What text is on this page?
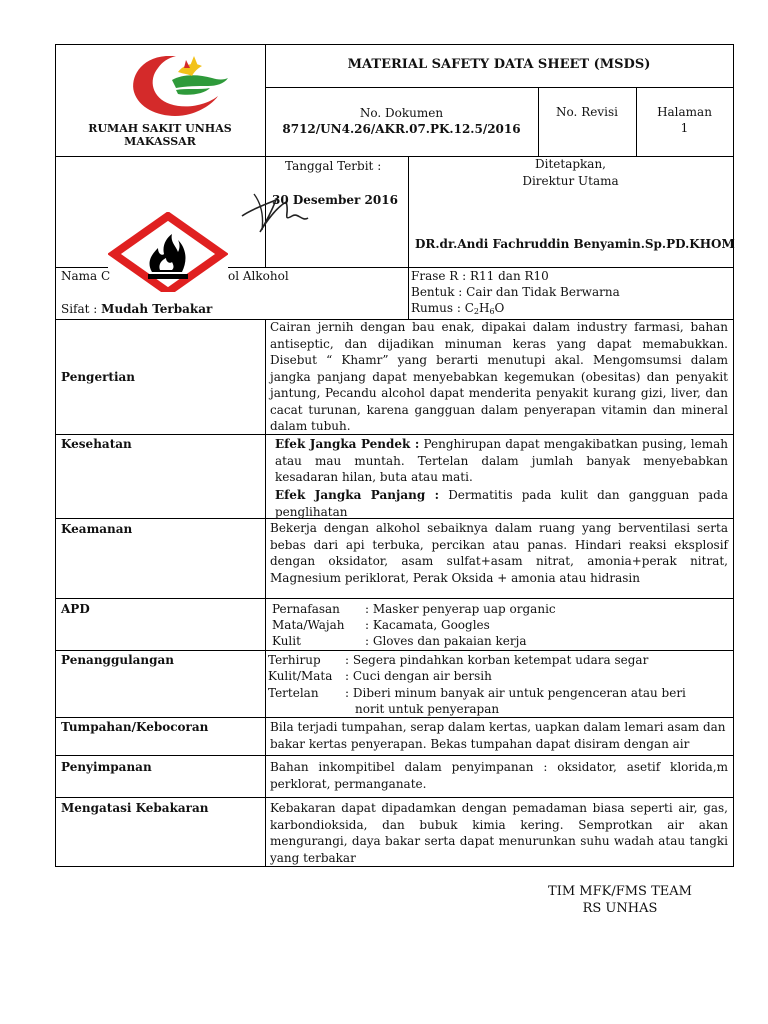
RUMAH SAKIT UNHAS
MAKASSAR
MATERIAL SAFETY DATA SHEET (MSDS)
No. Dokumen
8712/UN4.26/AKR.07.PK.12.5/2016
No. Revisi	Halaman
1
Tanggal Terbit :
30 Desember 2016
Ditetapkan,
Direktur Utama
DR.dr.Andi Fachruddin Benyamin.Sp.PD.KHOM
Nama C	ol Alkohol
Sifat : Mudah Terbakar
Frase R : R11 dan R10
Bentuk : Cair dan Tidak Berwarna
Rumus : $C_2H_6O$
Pengertian
Cairan jernih dengan bau enak, dipakai dalam industry farmasi, bahan antiseptic, dan dijadikan minuman keras yang dapat memabukkan. Disebut “ Khamr” yang berarti menutupi akal. Mengomsumsi dalam jangka panjang dapat menyebabkan kegemukan (obesitas) dan penyakit jantung, Pecandu alcohol dapat menderita penyakit kurang gizi, liver, dan cacat turunan, karena gangguan dalam penyerapan vitamin dan mineral dalam tubuh.
Kesehatan	Efek Jangka Pendek : Penghirupan dapat mengakibatkan pusing, lemah atau mau muntah. Tertelan dalam jumlah banyak menyebabkan kesadaran hilan, buta atau mati.
Efek Jangka Panjang : Dermatitis pada kulit dan gangguan pada penglihatan
Keamanan	Bekerja dengan alkohol sebaiknya dalam ruang yang berventilasi serta bebas dari api terbuka, percikan atau panas. Hindari reaksi eksplosif dengan oksidator, asam sulfat+asam nitrat, amonia+perak nitrat, Magnesium periklorat, Perak Oksida + amonia atau hidrasin
APD	Pernafasan : Masker penyerap uap organic
Mata/Wajah : Kacamata, Googles
Kulit	: Gloves dan pakaian kerja
Penanggulangan	Terhirup : Segera pindahkan korban ketempat udara segar
Kulit/Mata : Cuci dengan air bersih
Tertelan : Diberi minum banyak air untuk pengenceran atau beri
norit untuk penyerapan
Tumpahan/Kebocoran	Bila terjadi tumpahan, serap dalam kertas, uapkan dalam lemari asam dan bakar kertas penyerapan. Bekas tumpahan dapat disiram dengan air
Penyimpanan	Bahan inkompitibel dalam penyimpanan : oksidator, asetif klorida,m perklorat, permanganate.
Mengatasi Kebakaran	Kebakaran dapat dipadamkan dengan pemadaman biasa seperti air, gas, karbondioksida, dan bubuk kimia kering. Semprotkan air akan mengurangi, daya bakar serta dapat menurunkan suhu wadah atau tangki yang terbakar
TIM MFK/FMS TEAM
RS UNHAS
